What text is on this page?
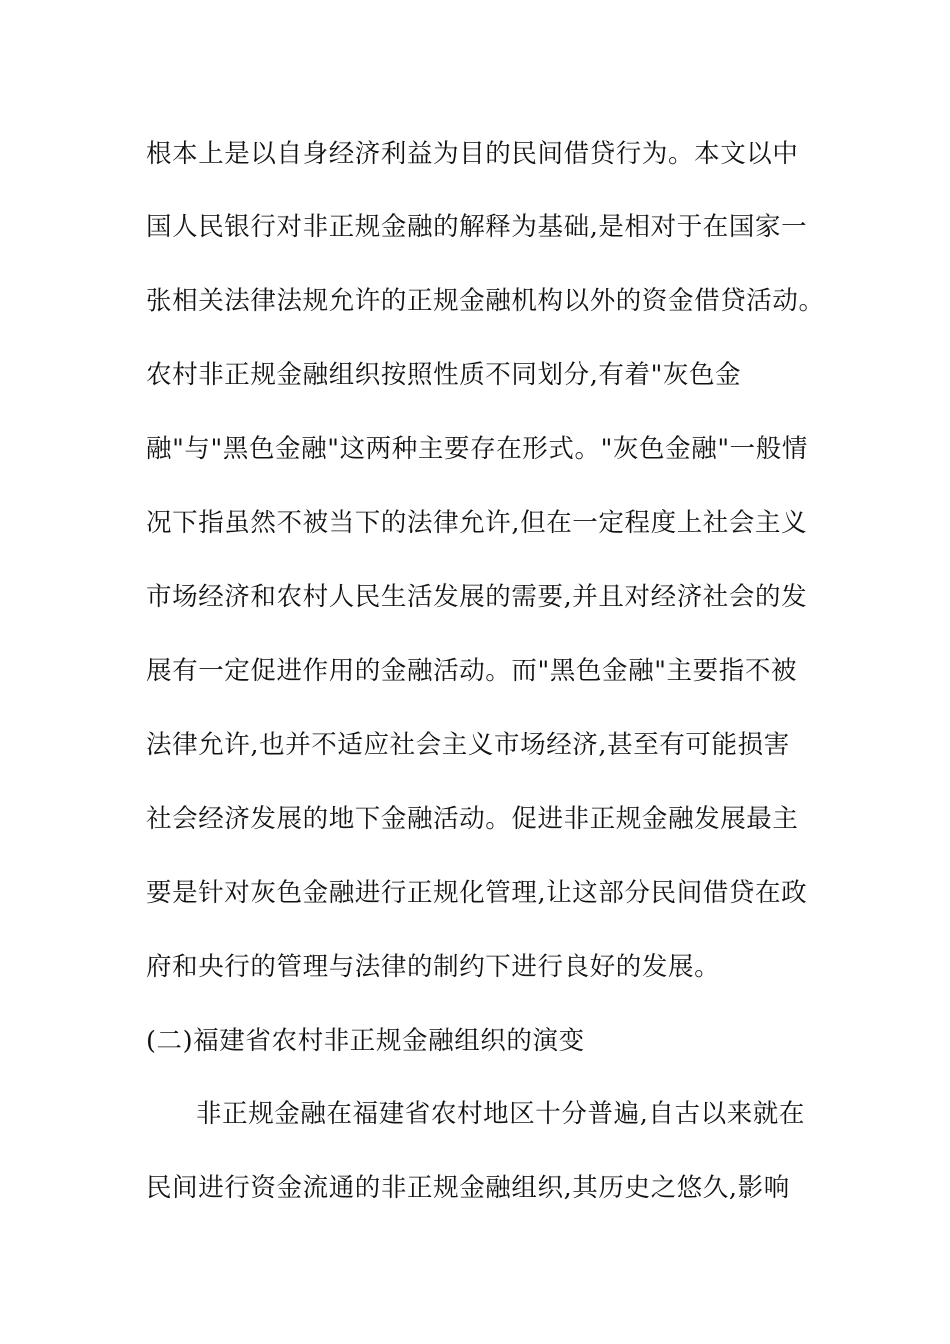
根本上是以自身经济利益为目的民间借贷行为。本文以中
国人民银行对非正规金融的解释为基础,是相对于在国家一
张相关法律法规允许的正规金融机构以外的资金借贷活动。
农村非正规金融组织按照性质不同划分,有着"灰色金
融"与"黑色金融"这两种主要存在形式。"灰色金融"一般情
况下指虽然不被当下的法律允许,但在一定程度上社会主义
市场经济和农村人民生活发展的需要,并且对经济社会的发
展有一定促进作用的金融活动。而"黑色金融"主要指不被
法律允许,也并不适应社会主义市场经济,甚至有可能损害
社会经济发展的地下金融活动。促进非正规金融发展最主
要是针对灰色金融进行正规化管理,让这部分民间借贷在政
府和央行的管理与法律的制约下进行良好的发展。
(二)福建省农村非正规金融组织的演变
非正规金融在福建省农村地区十分普遍,自古以来就在
民间进行资金流通的非正规金融组织,其历史之悠久,影响
